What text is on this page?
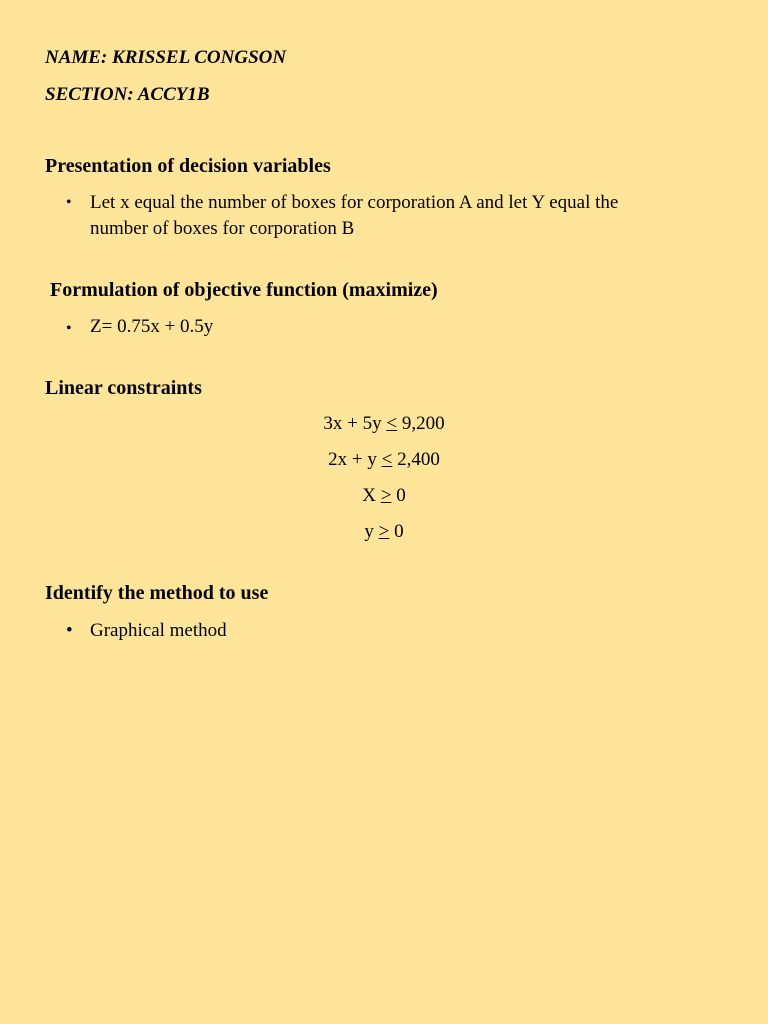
NAME: KRISSEL CONGSON

SECTION: ACCY1B

Presentation of decision variables

• Let x equal the number of boxes for corporation A and let Y equal the

number of boxes for corporation B

Formulation of objective function (maximize)

• Z= 0.75x + 0.5y

Linear constraints

3x + 5y < 9,200
2x + y < 2,400
X > 0
y > 0

Identify the method to use

• Graphical method
